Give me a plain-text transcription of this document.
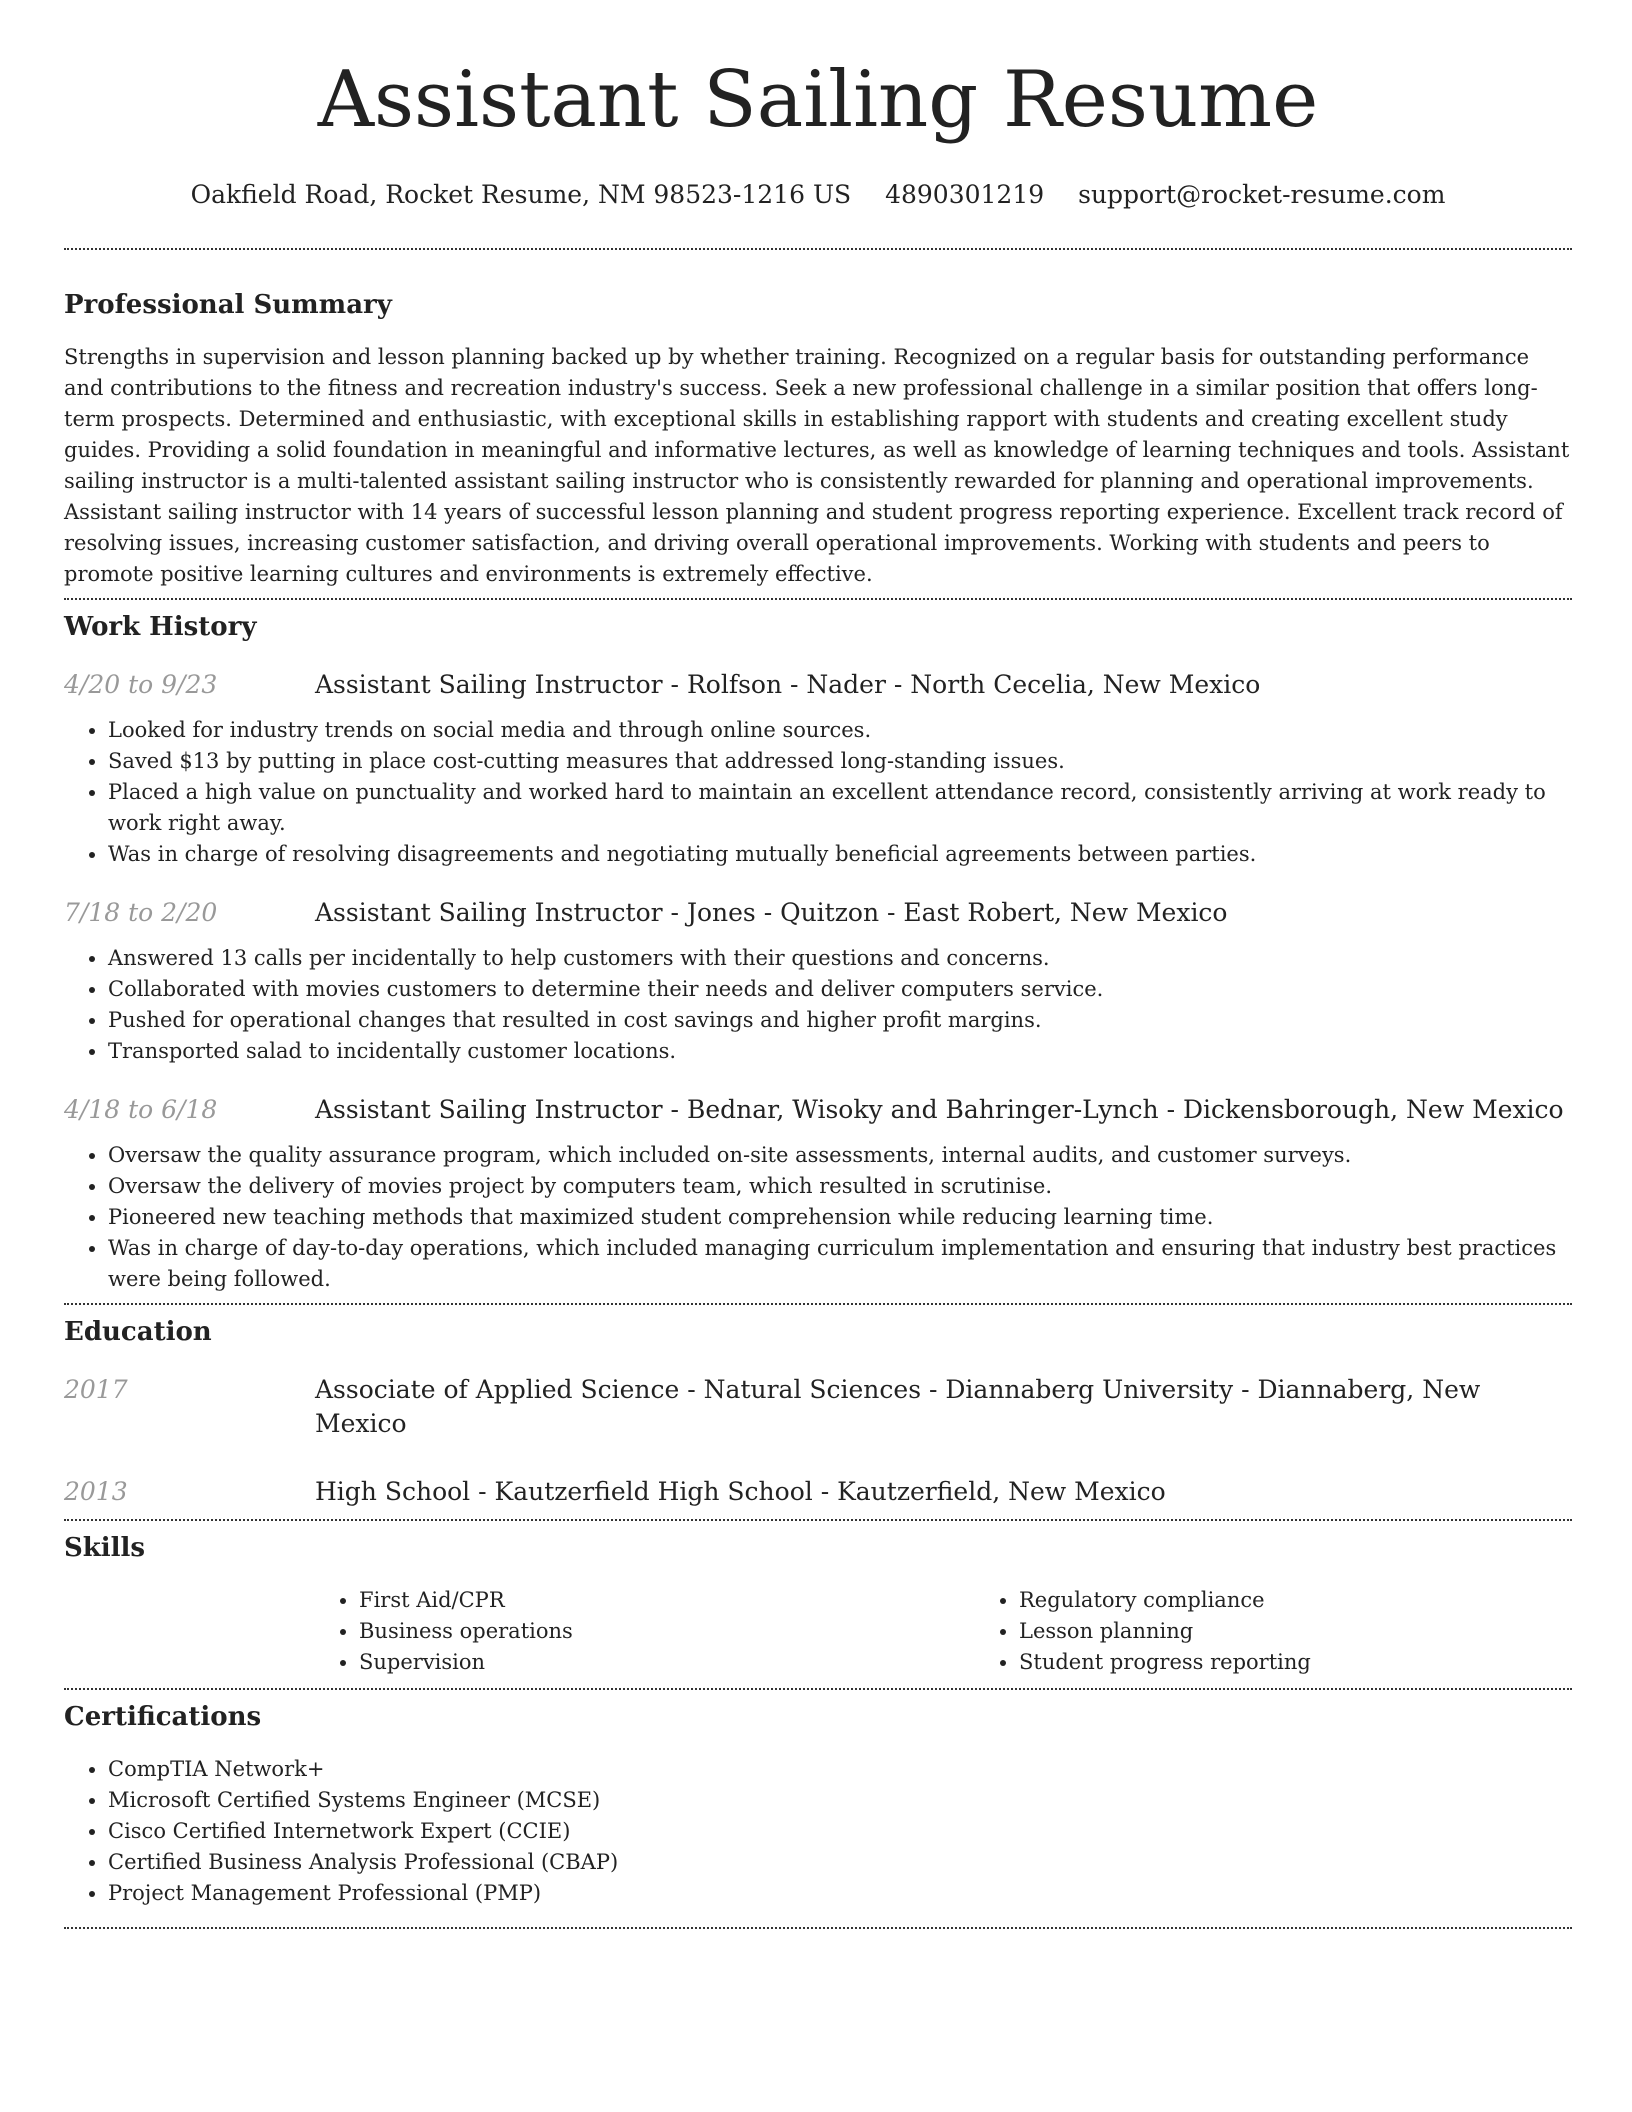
Assistant Sailing Resume
Oakfield Road, Rocket Resume, NM 98523-1216 US 4890301219 support@rocket-resume.com
Professional Summary

Strengths in supervision and lesson planning backed up by whether training. Recognized on a regular basis for outstanding performance and contributions to the fitness and recreation industry's success. Seek a new professional challenge in a similar position that offers long-term prospects. Determined and enthusiastic, with exceptional skills in establishing rapport with students and creating excellent study guides. Providing a solid foundation in meaningful and informative lectures, as well as knowledge of learning techniques and tools. Assistant sailing instructor is a multi-talented assistant sailing instructor who is consistently rewarded for planning and operational improvements. Assistant sailing instructor with 14 years of successful lesson planning and student progress reporting experience. Excellent track record of resolving issues, increasing customer satisfaction, and driving overall operational improvements. Working with students and peers to promote positive learning cultures and environments is extremely effective.

Work History
4/20 to 9/23	Assistant Sailing Instructor - Rolfson - Nader - North Cecelia, New Mexico
• Looked for industry trends on social media and through online sources.
• Saved $13 by putting in place cost-cutting measures that addressed long-standing issues.
• Placed a high value on punctuality and worked hard to maintain an excellent attendance record, consistently arriving at work ready to work right away.
• Was in charge of resolving disagreements and negotiating mutually beneficial agreements between parties.
7/18 to 2/20	Assistant Sailing Instructor - Jones - Quitzon - East Robert, New Mexico
• Answered 13 calls per incidentally to help customers with their questions and concerns.
• Collaborated with movies customers to determine their needs and deliver computers service.
• Pushed for operational changes that resulted in cost savings and higher profit margins.
• Transported salad to incidentally customer locations.
4/18 to 6/18	Assistant Sailing Instructor - Bednar, Wisoky and Bahringer-Lynch - Dickensborough, New Mexico
• Oversaw the quality assurance program, which included on-site assessments, internal audits, and customer surveys.
• Oversaw the delivery of movies project by computers team, which resulted in scrutinise.
• Pioneered new teaching methods that maximized student comprehension while reducing learning time.
• Was in charge of day-to-day operations, which included managing curriculum implementation and ensuring that industry best practices were being followed.
Education
2017	Associate of Applied Science - Natural Sciences - Diannaberg University - Diannaberg, New Mexico
2013	High School - Kautzerfield High School - Kautzerfield, New Mexico
Skills
• First Aid/CPR
• Business operations
• Supervision
• Regulatory compliance
• Lesson planning
• Student progress reporting
Certifications
• CompTIA Network+
• Microsoft Certified Systems Engineer (MCSE)
• Cisco Certified Internetwork Expert (CCIE)
• Certified Business Analysis Professional (CBAP)
• Project Management Professional (PMP)
